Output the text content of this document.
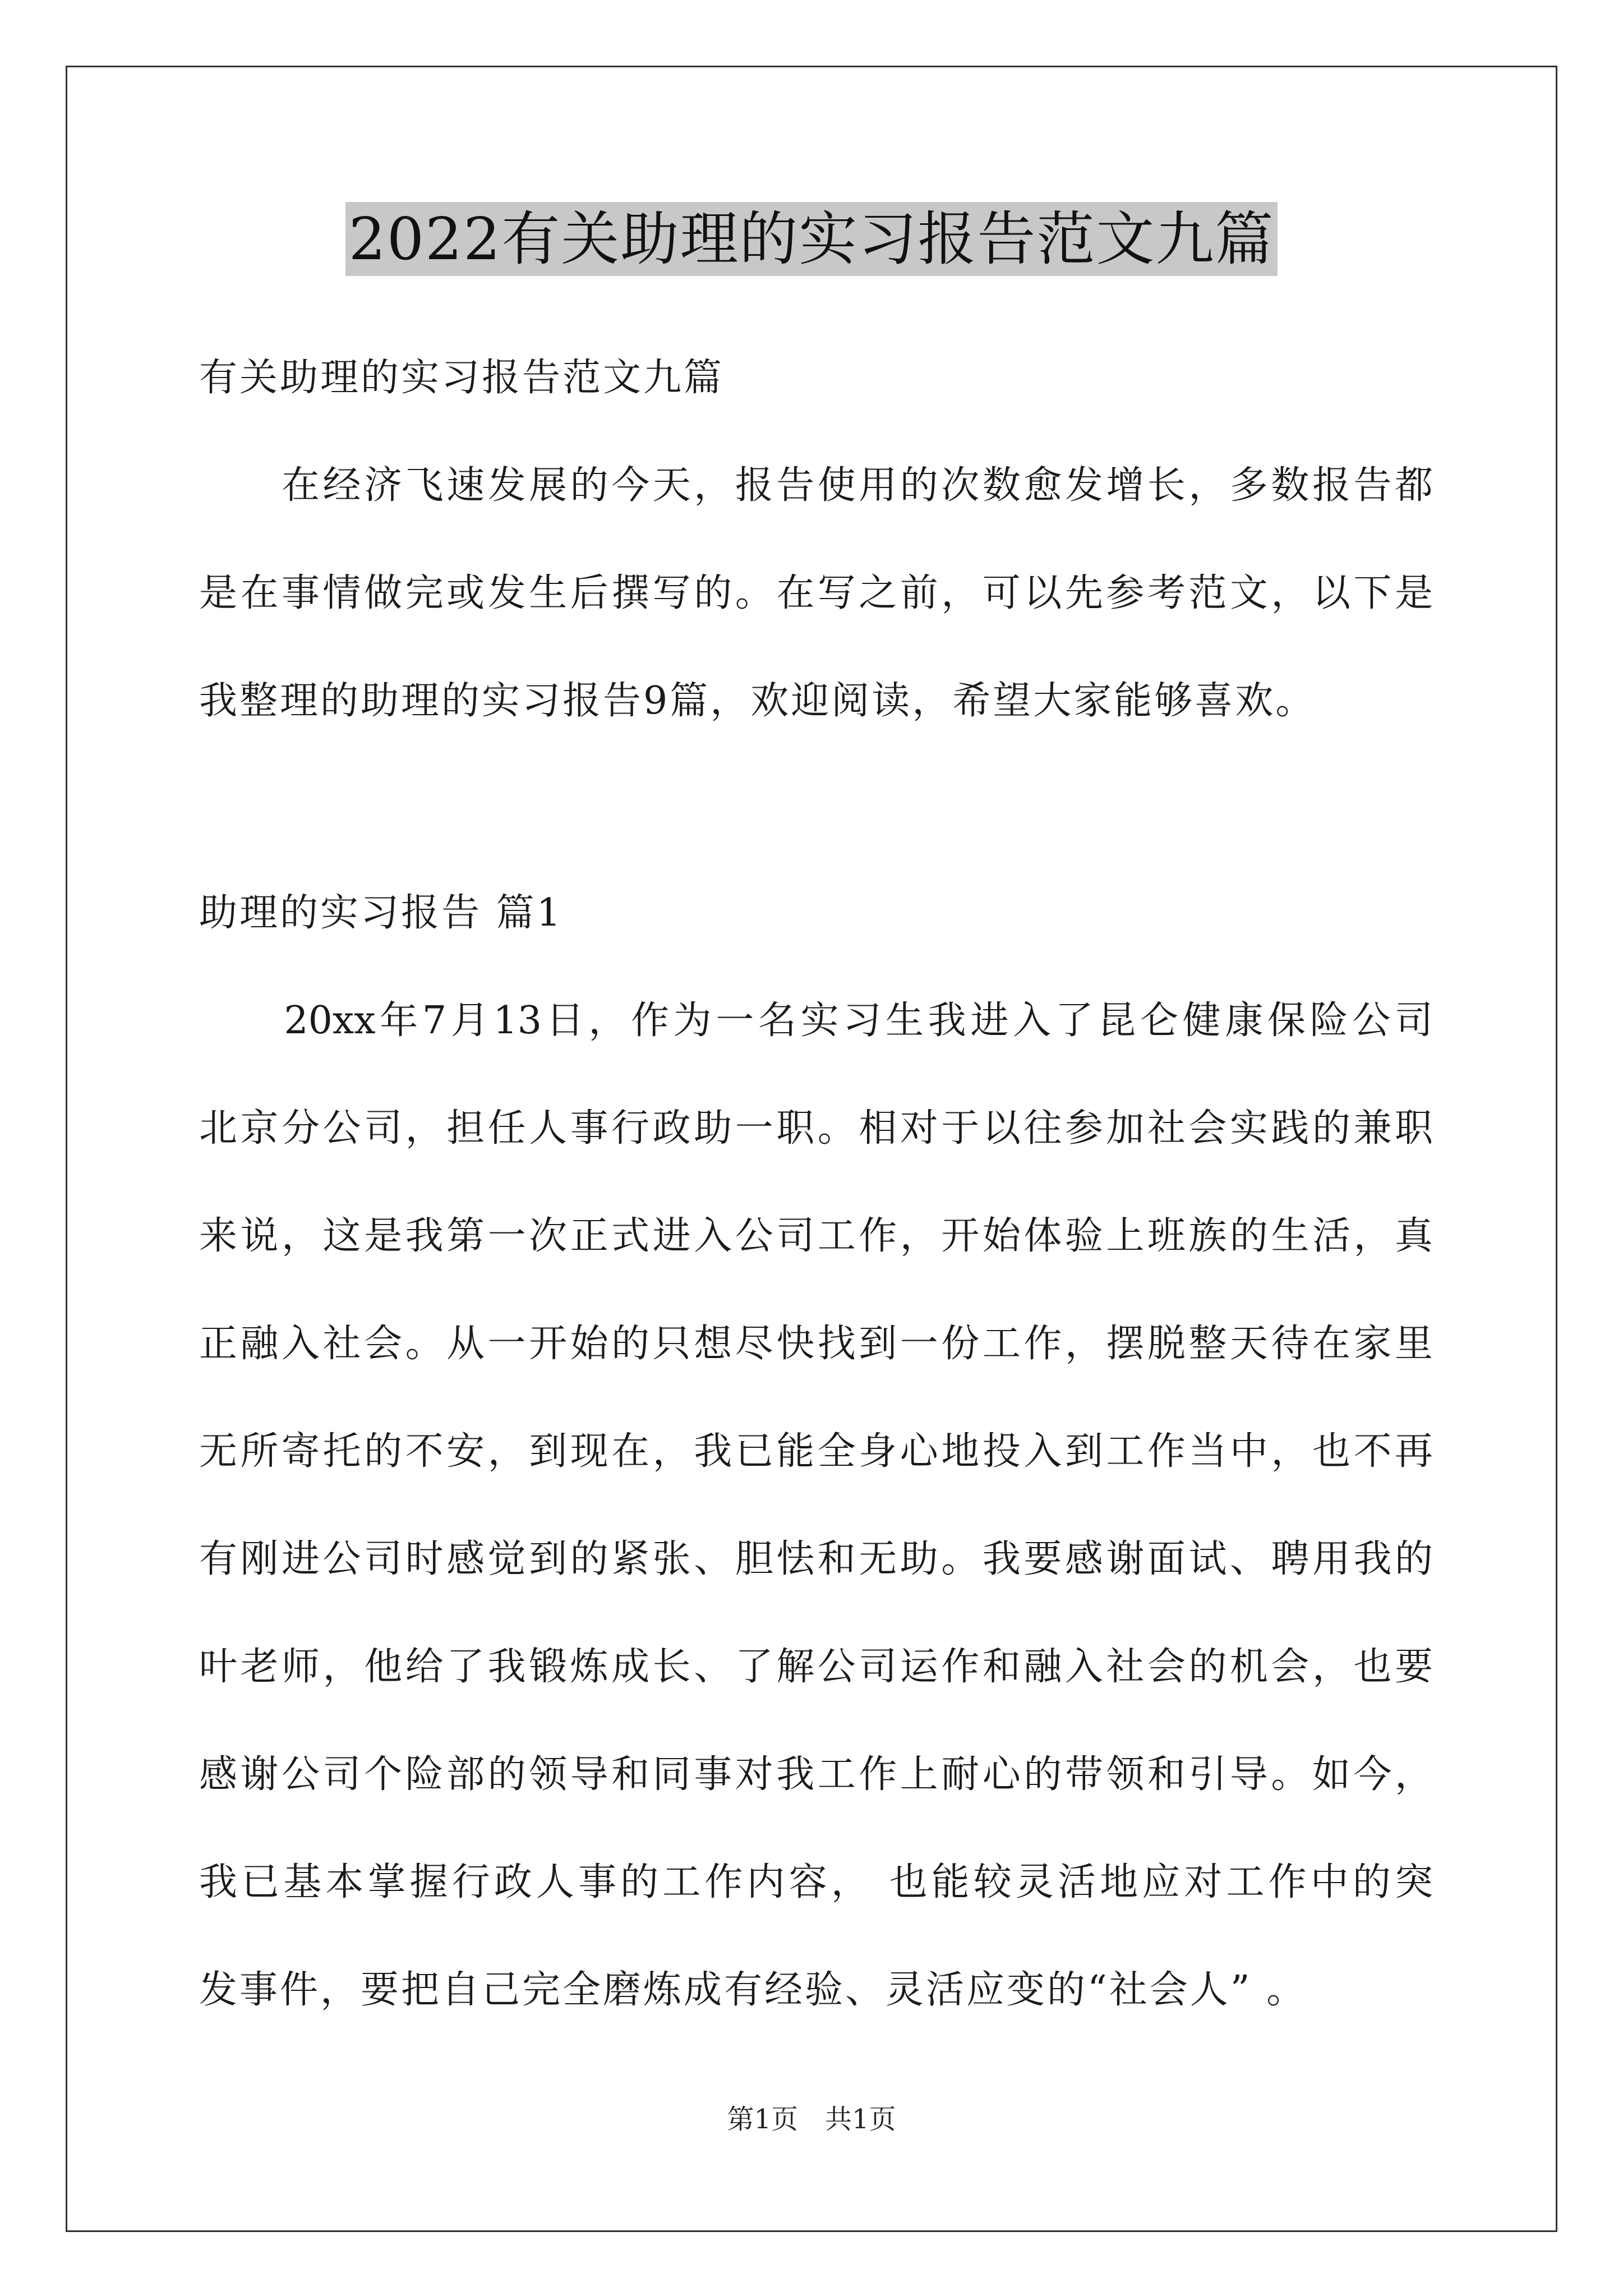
2022有关助理的实习报告范文九篇
有关助理的实习报告范文九篇
　　在经济飞速发展的今天，报告使用的次数愈发增长，多数报告都
是在事情做完或发生后撰写的。在写之前，可以先参考范文，以下是
我整理的助理的实习报告9篇，欢迎阅读，希望大家能够喜欢。
助理的实习报告 篇1
　　20xx年7月13日，作为一名实习生我进入了昆仑健康保险公司
北京分公司，担任人事行政助一职。相对于以往参加社会实践的兼职
来说，这是我第一次正式进入公司工作，开始体验上班族的生活，真
正融入社会。从一开始的只想尽快找到一份工作，摆脱整天待在家里
无所寄托的不安，到现在，我已能全身心地投入到工作当中，也不再
有刚进公司时感觉到的紧张、胆怯和无助。我要感谢面试、聘用我的
叶老师，他给了我锻炼成长、了解公司运作和融入社会的机会，也要
感谢公司个险部的领导和同事对我工作上耐心的带领和引导。如今，
我已基本掌握行政人事的工作内容， 也能较灵活地应对工作中的突
发事件，要把自己完全磨炼成有经验、灵活应变的“社会人” 。
第1页　共1页
